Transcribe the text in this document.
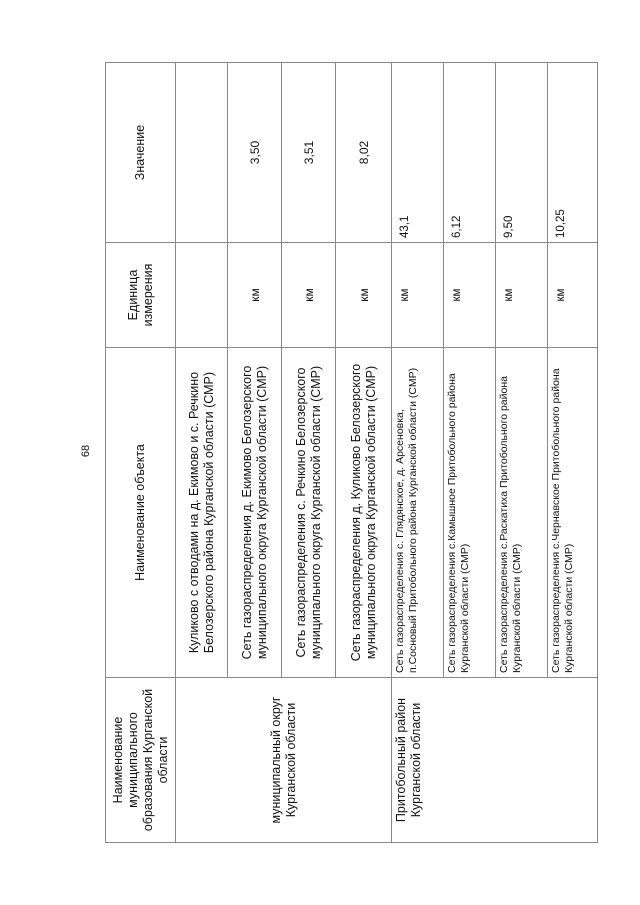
68
Наименование муниципального образования Курганской области	Наименование объекта	Единица измерения	Значение
муниципальный округ Курганской области	Куликово с отводами на д. Екимово и с. Речкино Белозерского района Курганской области (СМР)		
	Сеть газораспределения д. Екимово Белозерского муниципального округа Курганской области (СМР)	км	3,50
	Сеть газораспределения с. Речкино Белозерского муниципального округа Курганской области (СМР)	км	3,51
	Сеть газораспределения д. Куликово Белозерского муниципального округа Курганской области (СМР)	км	8,02
Притобольный район Курганской области	Сеть газораспределения с. Глядянское, д. Арсеновка, п.Сосновый Притобольного района Курганской области (СМР)	км	43,1
	Сеть газораспределения с.Камышное Притобольного района Курганской области (СМР)	км	6,12
	Сеть газораспределения с.Раскатиха Притобольного района Курганской области (СМР)	км	9,50
	Сеть газораспределения с.Чернавское Притобольного района Курганской области (СМР)	км	10,25
